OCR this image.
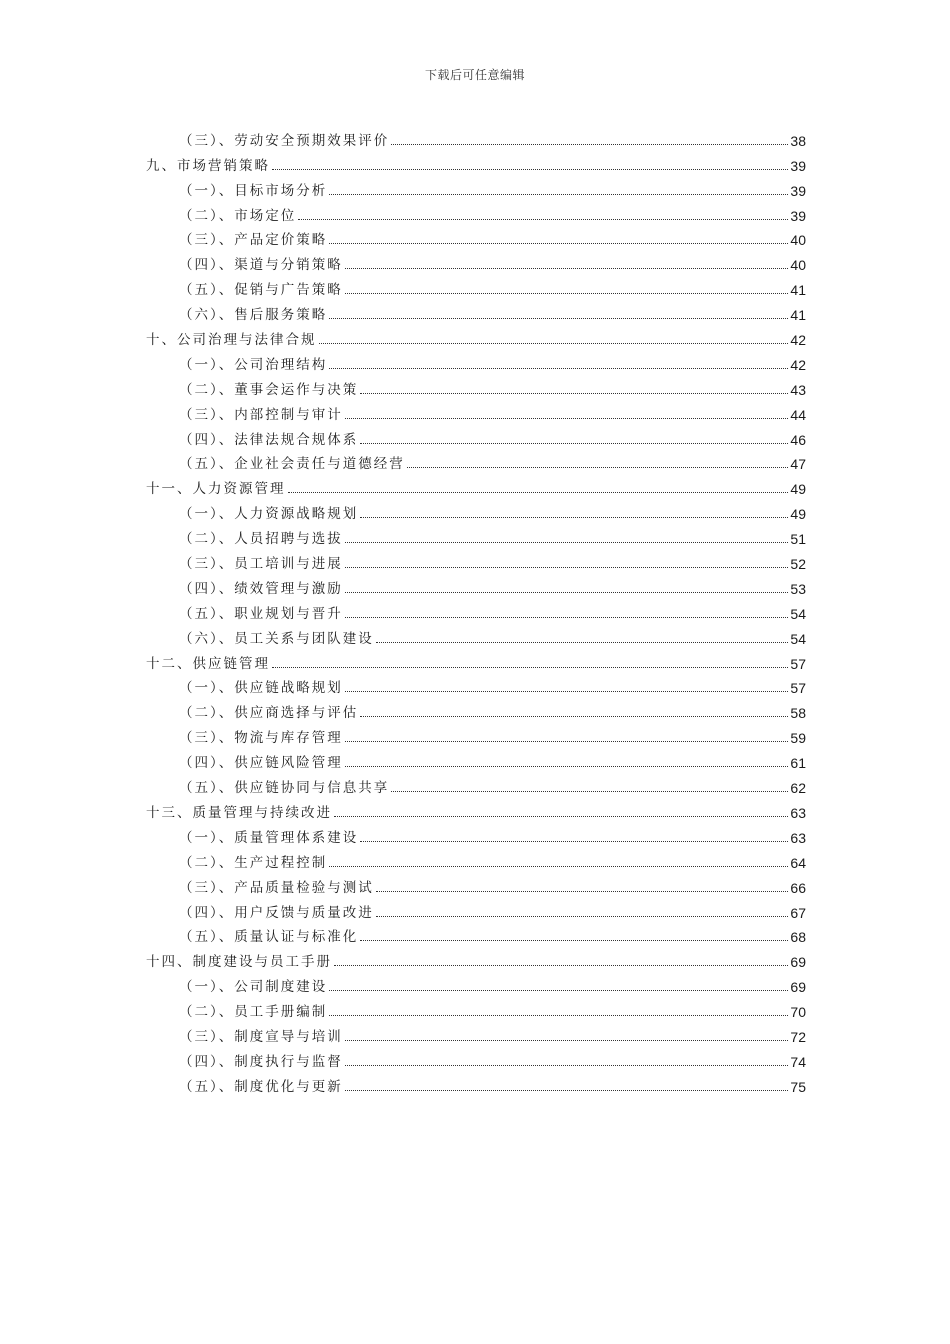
下载后可任意编辑
（三）、劳动安全预期效果评价	38
九、市场营销策略	39
（一）、目标市场分析	39
（二）、市场定位	39
（三）、产品定价策略	40
（四）、渠道与分销策略	40
（五）、促销与广告策略	41
（六）、售后服务策略	41
十、公司治理与法律合规	42
（一）、公司治理结构	42
（二）、董事会运作与决策	43
（三）、内部控制与审计	44
（四）、法律法规合规体系	46
（五）、企业社会责任与道德经营	47
十一、人力资源管理	49
（一）、人力资源战略规划	49
（二）、人员招聘与选拔	51
（三）、员工培训与进展	52
（四）、绩效管理与激励	53
（五）、职业规划与晋升	54
（六）、员工关系与团队建设	54
十二、供应链管理	57
（一）、供应链战略规划	57
（二）、供应商选择与评估	58
（三）、物流与库存管理	59
（四）、供应链风险管理	61
（五）、供应链协同与信息共享	62
十三、质量管理与持续改进	63
（一）、质量管理体系建设	63
（二）、生产过程控制	64
（三）、产品质量检验与测试	66
（四）、用户反馈与质量改进	67
（五）、质量认证与标准化	68
十四、制度建设与员工手册	69
（一）、公司制度建设	69
（二）、员工手册编制	70
（三）、制度宣导与培训	72
（四）、制度执行与监督	74
（五）、制度优化与更新	75
